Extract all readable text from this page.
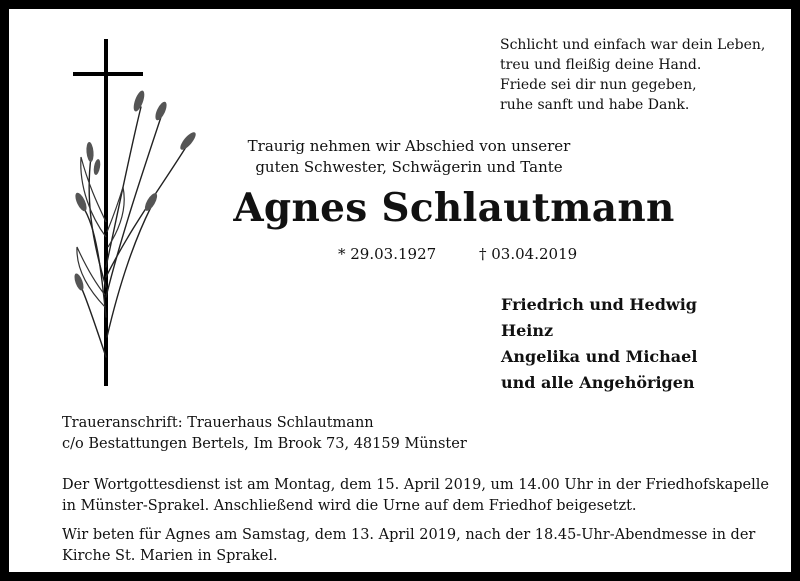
Schlicht und einfach war dein Leben,
treu und fleißig deine Hand.
Friede sei dir nun gegeben,
ruhe sanft und habe Dank.
Traurig nehmen wir Abschied von unserer
guten Schwester, Schwägerin und Tante
Agnes Schlautmann
* 29.03.1927	† 03.04.2019
Friedrich und Hedwig
Heinz
Angelika und Michael
und alle Angehörigen
Traueranschrift: Trauerhaus Schlautmann
c/o Bestattungen Bertels, Im Brook 73, 48159 Münster

Der Wortgottesdienst ist am Montag, dem 15. April 2019, um 14.00 Uhr in der Friedhofskapelle in Münster-Sprakel. Anschließend wird die Urne auf dem Friedhof beigesetzt.

Wir beten für Agnes am Samstag, dem 13. April 2019, nach der 18.45-Uhr-Abendmesse in der Kirche St. Marien in Sprakel.
